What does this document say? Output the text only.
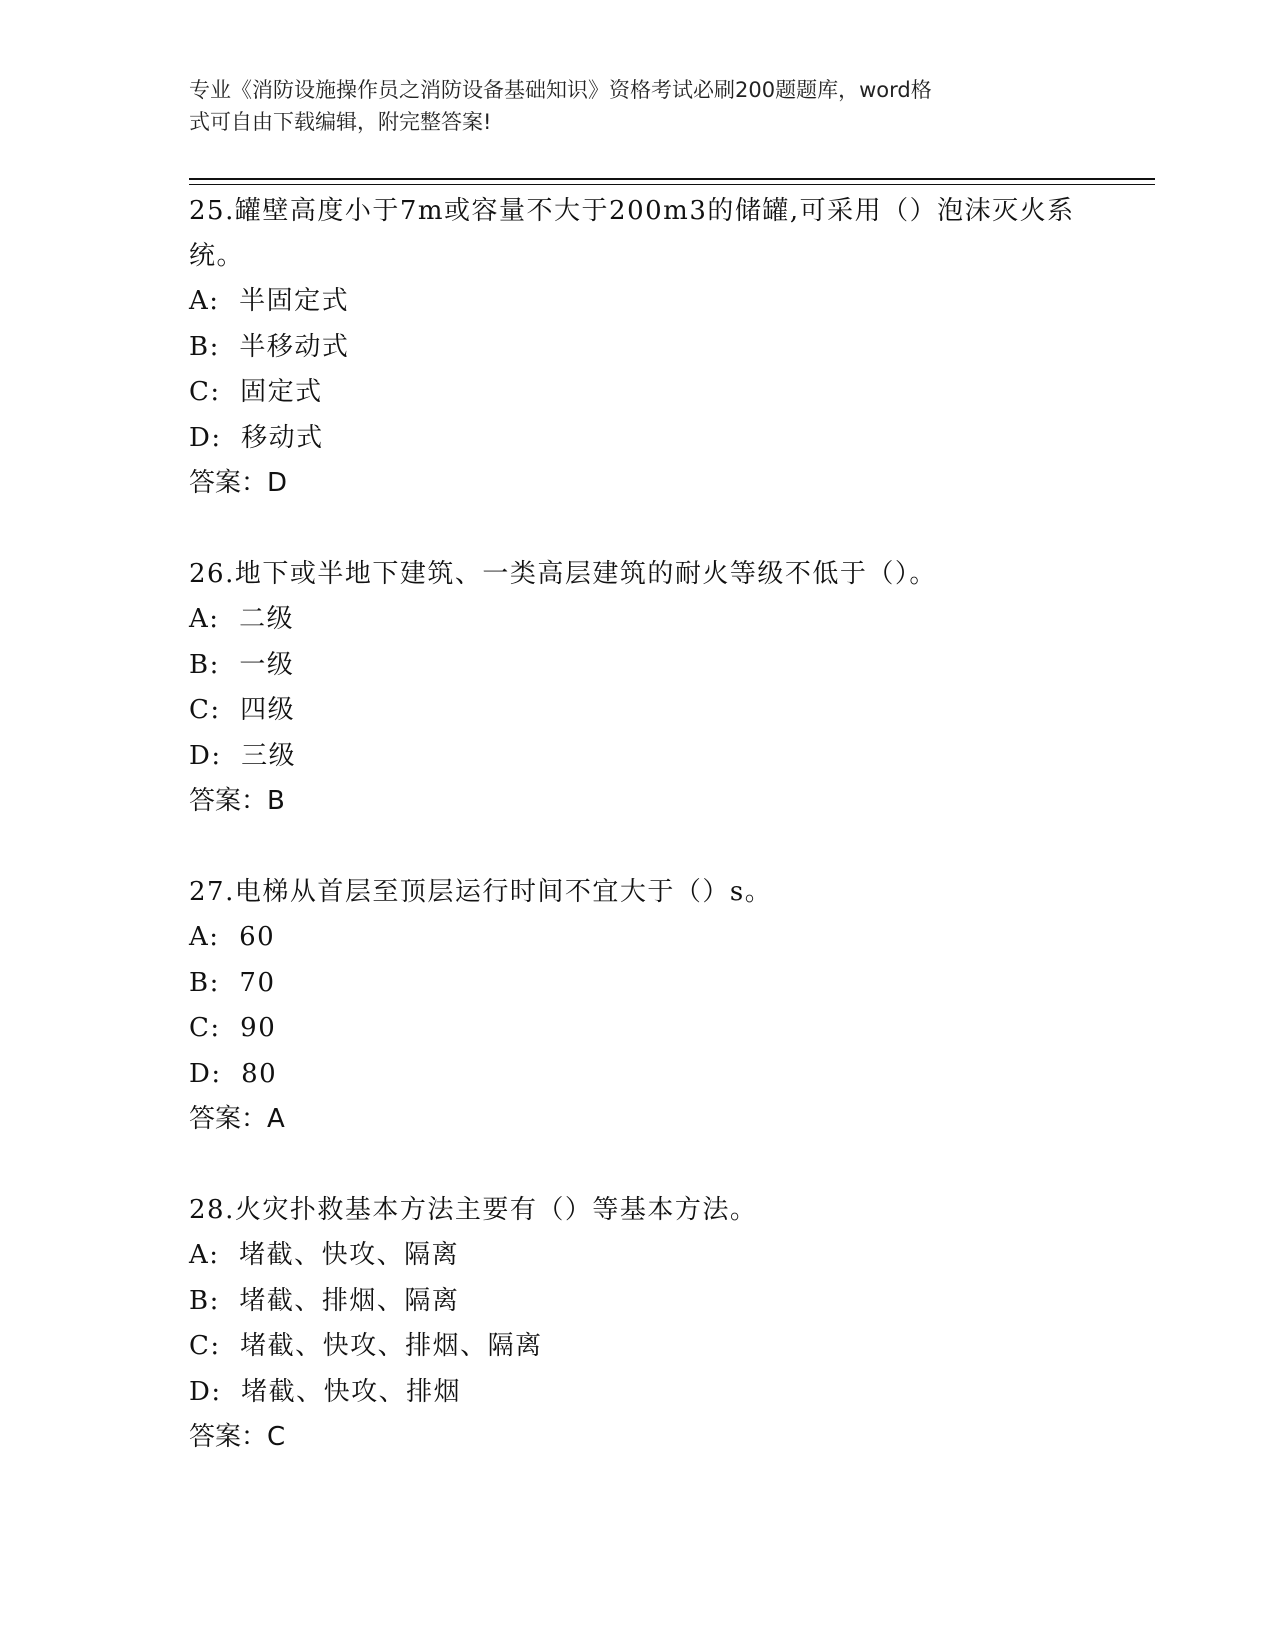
专业《消防设施操作员之消防设备基础知识》资格考试必刷200题题库，word格
式可自由下载编辑，附完整答案!
25.罐壁高度小于7m或容量不大于200m3的储罐,可采用（）泡沫灭火系统。
A:  半固定式
B:  半移动式
C:  固定式
D:  移动式
答案：D
26.地下或半地下建筑、一类高层建筑的耐火等级不低于（）。
A:  二级
B:  一级
C:  四级
D:  三级
答案：B
27.电梯从首层至顶层运行时间不宜大于（）s。
A:  60
B:  70
C:  90
D:  80
答案：A
28.火灾扑救基本方法主要有（）等基本方法。
A:  堵截、快攻、隔离
B:  堵截、排烟、隔离
C:  堵截、快攻、排烟、隔离
D:  堵截、快攻、排烟
答案：C
